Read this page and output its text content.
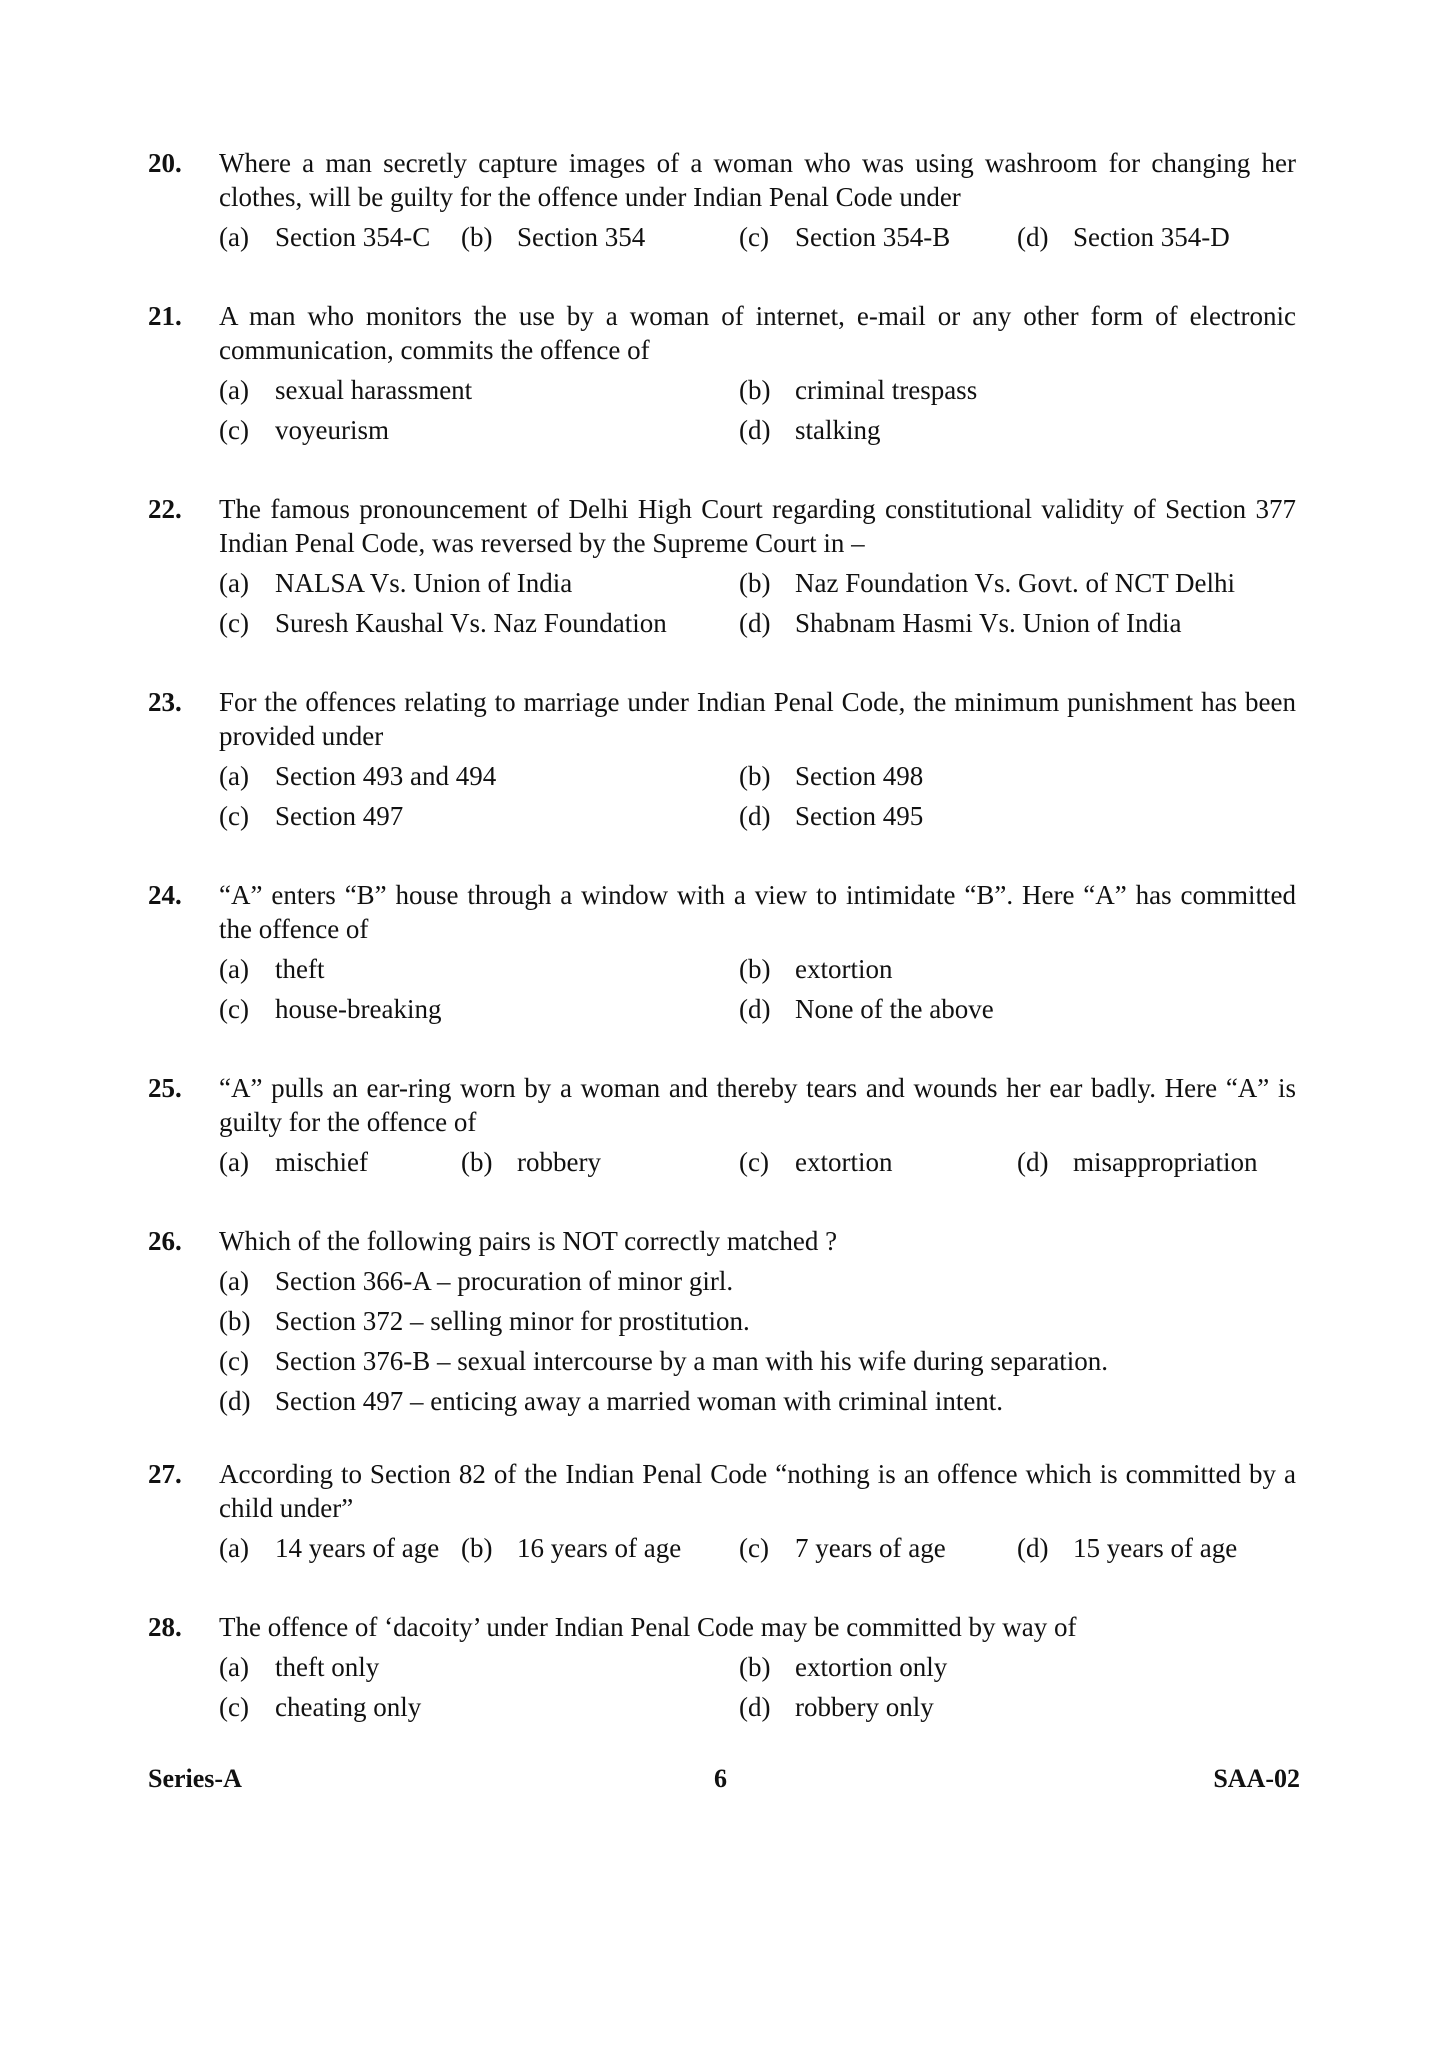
20. Where a man secretly capture images of a woman who was using washroom for changing her clothes, will be guilty for the offence under Indian Penal Code under
(a) Section 354-C (b) Section 354	(c) Section 354-B (d) Section 354-D
21. A man who monitors the use by a woman of internet, e-mail or any other form of electronic communication, commits the offence of
(a) sexual harassment	(b) criminal trespass
(c) voyeurism	(d) stalking
22. The famous pronouncement of Delhi High Court regarding constitutional validity of Section 377 Indian Penal Code, was reversed by the Supreme Court in –
(a) NALSA Vs. Union of India	(b) Naz Foundation Vs. Govt. of NCT Delhi
(c) Suresh Kaushal Vs. Naz Foundation	(d) Shabnam Hasmi Vs. Union of India
23. For the offences relating to marriage under Indian Penal Code, the minimum punishment has been provided under
(a) Section 493 and 494	(b) Section 498
(c) Section 497	(d) Section 495
24. “A” enters “B” house through a window with a view to intimidate “B”. Here “A” has committed the offence of
(a) theft	(b) extortion
(c) house-breaking	(d) None of the above
25. “A” pulls an ear-ring worn by a woman and thereby tears and wounds her ear badly. Here “A” is guilty for the offence of
(a) mischief	(b) robbery	(c) extortion	(d) misappropriation
26. Which of the following pairs is NOT correctly matched ?
(a) Section 366-A – procuration of minor girl.
(b) Section 372 – selling minor for prostitution.
(c) Section 376-B – sexual intercourse by a man with his wife during separation.
(d) Section 497 – enticing away a married woman with criminal intent.
27. According to Section 82 of the Indian Penal Code “nothing is an offence which is committed by a child under”
(a) 14 years of age (b) 16 years of age (c) 7 years of age	(d) 15 years of age
28. The offence of ‘dacoity’ under Indian Penal Code may be committed by way of
(a) theft only	(b) extortion only
(c) cheating only	(d) robbery only
Series-A	6	SAA-02
